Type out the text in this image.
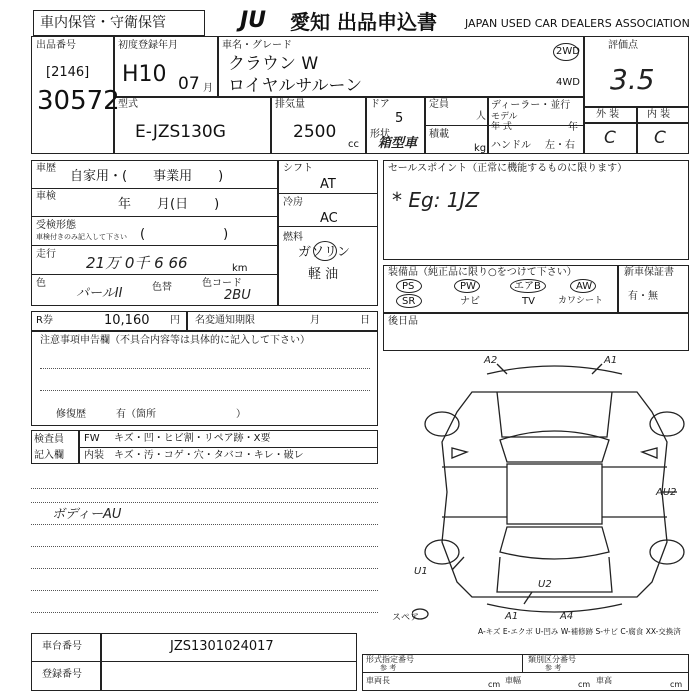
車内保管・守衛保管	JU 愛知 出品申込書	JAPAN USED CAR DEALERS ASSOCIATION
出品番号
[2146]
30572
初度登録年月
H10 07 月
車名・グレード
クラウン W
ロイヤルサルーン
2WD
4WD
評価点
3.5
型式
E-JZS130G
排気量
2500
cc
ドア
5
形状
箱型車
定員
人
積載
kg
ディーラー・並行
モデル
年 式	年
ハンドル 左・右
外 装	内 装
C C
車歴
自家用・(　　事業用　　)
車検
年　　月(日　　)
受検形態
車検付きのみ記入して下さい (　　　　　　)
走行 21万 0千 6 66	km
色
パールII	色替	色コード
2BU
シフト
AT
冷房
AC
燃料
ガソリン
軽 油
R券	10,160 円 名変通知期限	月	日
セールスポイント（正常に機能するものに限ります）
* Eg: 1JZ
装備品（純正品に限り○をつけて下さい）
PS	PW	エアB	AW
SR	ナビ	TV	カワシート
新車保証書
有・無
後日品
注意事項申告欄（不具合内容等は具体的に記入して下さい）
修復歴	有（箇所　　　　　　　　）
検査員
記入欄
FW キズ・凹・ヒビ割・リペア跡・X要
内装 キズ・汚・コゲ・穴・タバコ・キレ・破レ
ボディーAU
A2	A1
U1
U2
A4
A1
AU2
スペア
A-キズ E-エクボ U-凹み W-補修跡 S-サビ C-腐食 XX-交換済
車台番号	JZS1301024017
登録番号
形式指定番号
参 考
類別区分番号
参 考
車両長	cm 車幅	cm 車高	cm
